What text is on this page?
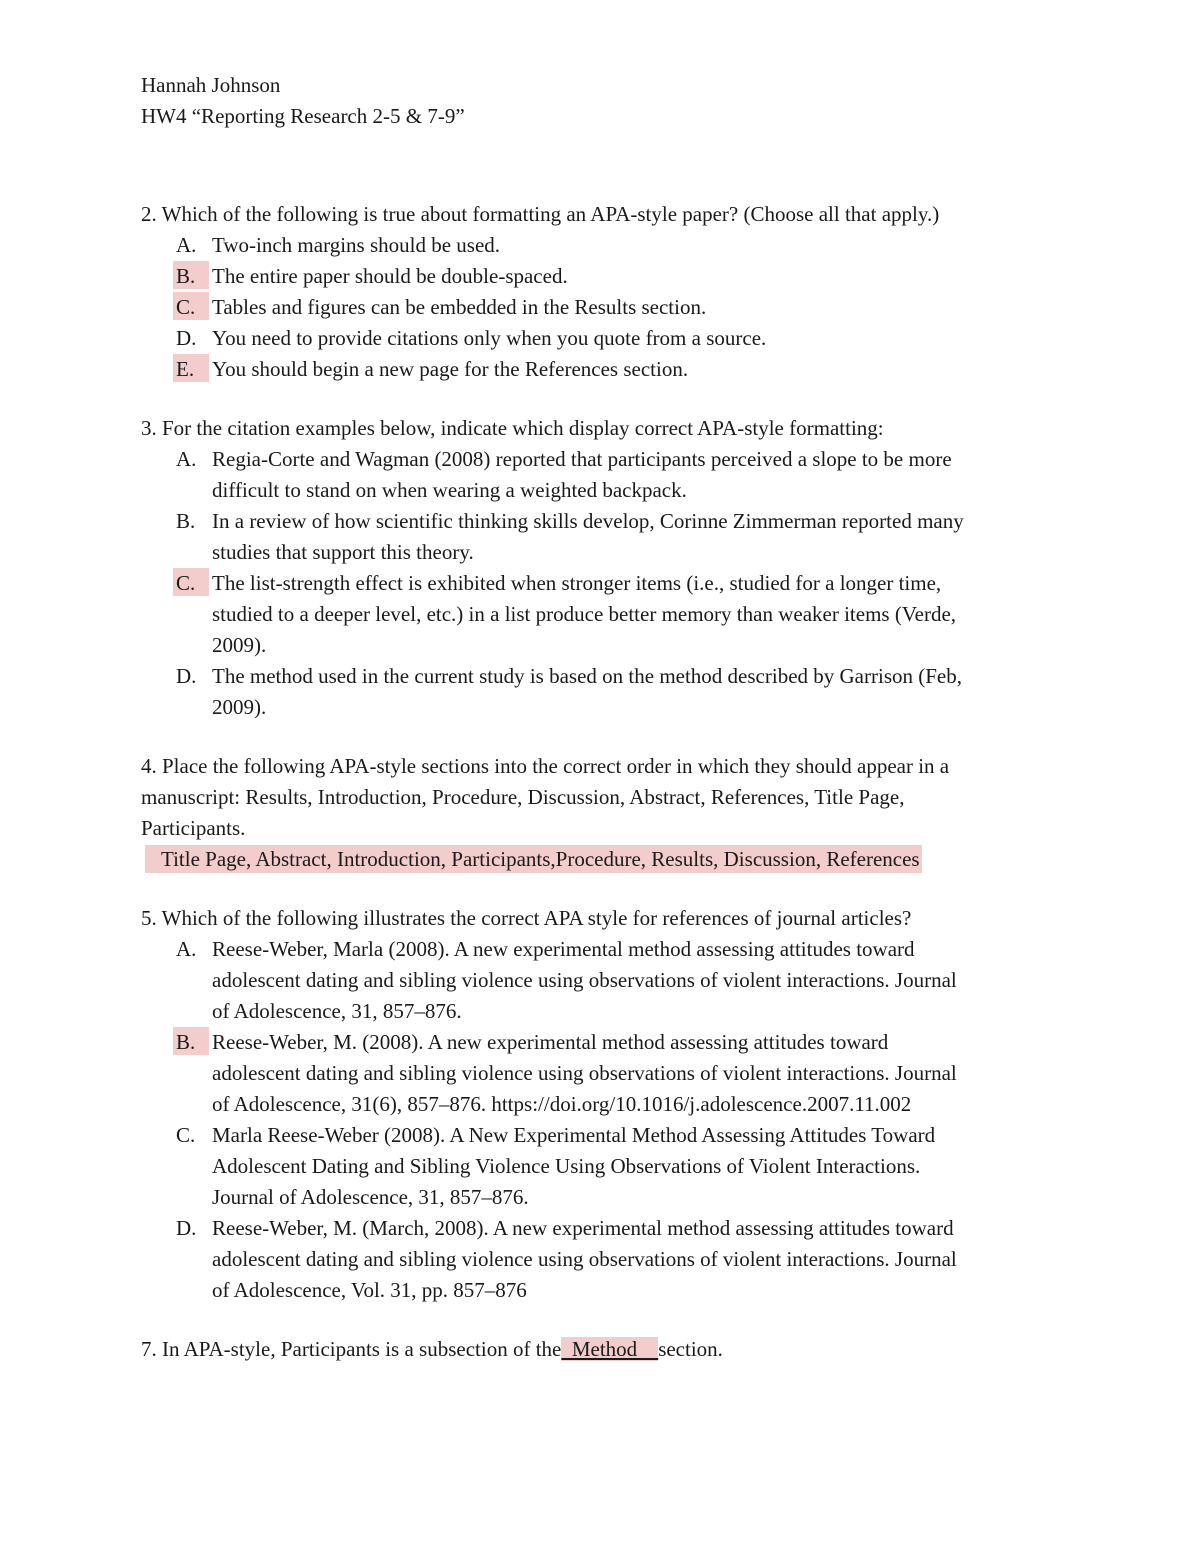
Hannah Johnson
HW4 “Reporting Research 2-5 & 7-9”
2. Which of the following is true about formatting an APA-style paper? (Choose all that apply.)
A. Two-inch margins should be used.
B. The entire paper should be double-spaced.
C. Tables and figures can be embedded in the Results section.
D. You need to provide citations only when you quote from a source.
E. You should begin a new page for the References section.
3. For the citation examples below, indicate which display correct APA-style formatting:
A. Regia-Corte and Wagman (2008) reported that participants perceived a slope to be more
difficult to stand on when wearing a weighted backpack.
B. In a review of how scientific thinking skills develop, Corinne Zimmerman reported many
studies that support this theory.
C. The list-strength effect is exhibited when stronger items (i.e., studied for a longer time,
studied to a deeper level, etc.) in a list produce better memory than weaker items (Verde,
2009).
D. The method used in the current study is based on the method described by Garrison (Feb,
2009).
4. Place the following APA-style sections into the correct order in which they should appear in a
manuscript: Results, Introduction, Procedure, Discussion, Abstract, References, Title Page,
Participants.
Title Page, Abstract, Introduction, Participants,Procedure, Results, Discussion, References
5. Which of the following illustrates the correct APA style for references of journal articles?
A. Reese-Weber, Marla (2008). A new experimental method assessing attitudes toward
adolescent dating and sibling violence using observations of violent interactions. Journal
of Adolescence, 31, 857–876.
B. Reese-Weber, M. (2008). A new experimental method assessing attitudes toward
adolescent dating and sibling violence using observations of violent interactions. Journal
of Adolescence, 31(6), 857–876. https://doi.org/10.1016/j.adolescence.2007.11.002
C. Marla Reese-Weber (2008). A New Experimental Method Assessing Attitudes Toward
Adolescent Dating and Sibling Violence Using Observations of Violent Interactions.
Journal of Adolescence, 31, 857–876.
D. Reese-Weber, M. (March, 2008). A new experimental method assessing attitudes toward
adolescent dating and sibling violence using observations of violent interactions. Journal
of Adolescence, Vol. 31, pp. 857–876
7. In APA-style, Participants is a subsection of the  Method    section.
